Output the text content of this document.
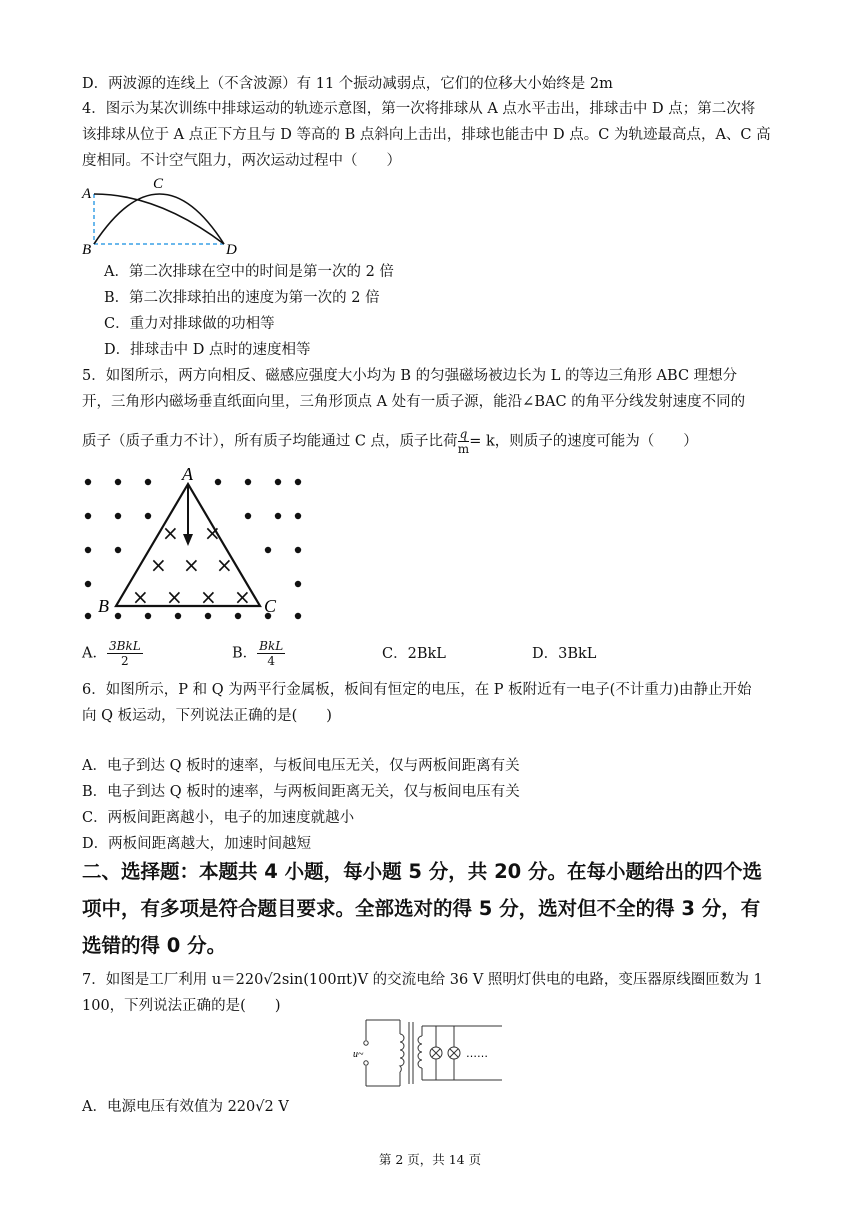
D．两波源的连线上（不含波源）有 11 个振动减弱点，它们的位移大小始终是 2m
4．图示为某次训练中排球运动的轨迹示意图，第一次将排球从 A 点水平击出，排球击中 D 点；第二次将
该排球从位于 A 点正下方且与 D 等高的 B 点斜向上击出，排球也能击中 D 点。C 为轨迹最高点，A、C 高
度相同。不计空气阻力，两次运动过程中（　　）
A
C
B	D
A．第二次排球在空中的时间是第一次的 2 倍
B．第二次排球拍出的速度为第一次的 2 倍
C．重力对排球做的功相等
D．排球击中 D 点时的速度相等
5．如图所示，两方向相反、磁感应强度大小均为 B 的匀强磁场被边长为 L 的等边三角形 ABC 理想分
开，三角形内磁场垂直纸面向里，三角形顶点 A 处有一质子源，能沿∠BAC 的角平分线发射速度不同的
质子（质子重力不计），所有质子均能通过 C 点，质子比荷 $\frac{q}{m} = k$，则质子的速度可能为（　　）
× ×
× × ×
× × × ×
A
B	C
A． $\frac{\text{3BkL}}{2}$	B． $\frac{\text{BkL}}{4}$	C．2BkL	D．3BkL
6．如图所示，P 和 Q 为两平行金属板，板间有恒定的电压，在 P 板附近有一电子(不计重力)由静止开始
向 Q 板运动，下列说法正确的是(　　)
A．电子到达 Q 板时的速率，与板间电压无关，仅与两板间距离有关
B．电子到达 Q 板时的速率，与两板间距离无关，仅与板间电压有关
C．两板间距离越小，电子的加速度就越小
D．两板间距离越大，加速时间越短
二、选择题：本题共 4 小题，每小题 5 分，共 20 分。在每小题给出的四个选
项中，有多项是符合题目要求。全部选对的得 5 分，选对但不全的得 3 分，有
选错的得 0 分。
7．如图是工厂利用 u＝220√2sin(100πt)V 的交流电给 36 V 照明灯供电的电路，变压器原线圈匝数为 1
100，下列说法正确的是(　　)
u~	……
A．电源电压有效值为 220√2 V
第 2 页，共 14 页
